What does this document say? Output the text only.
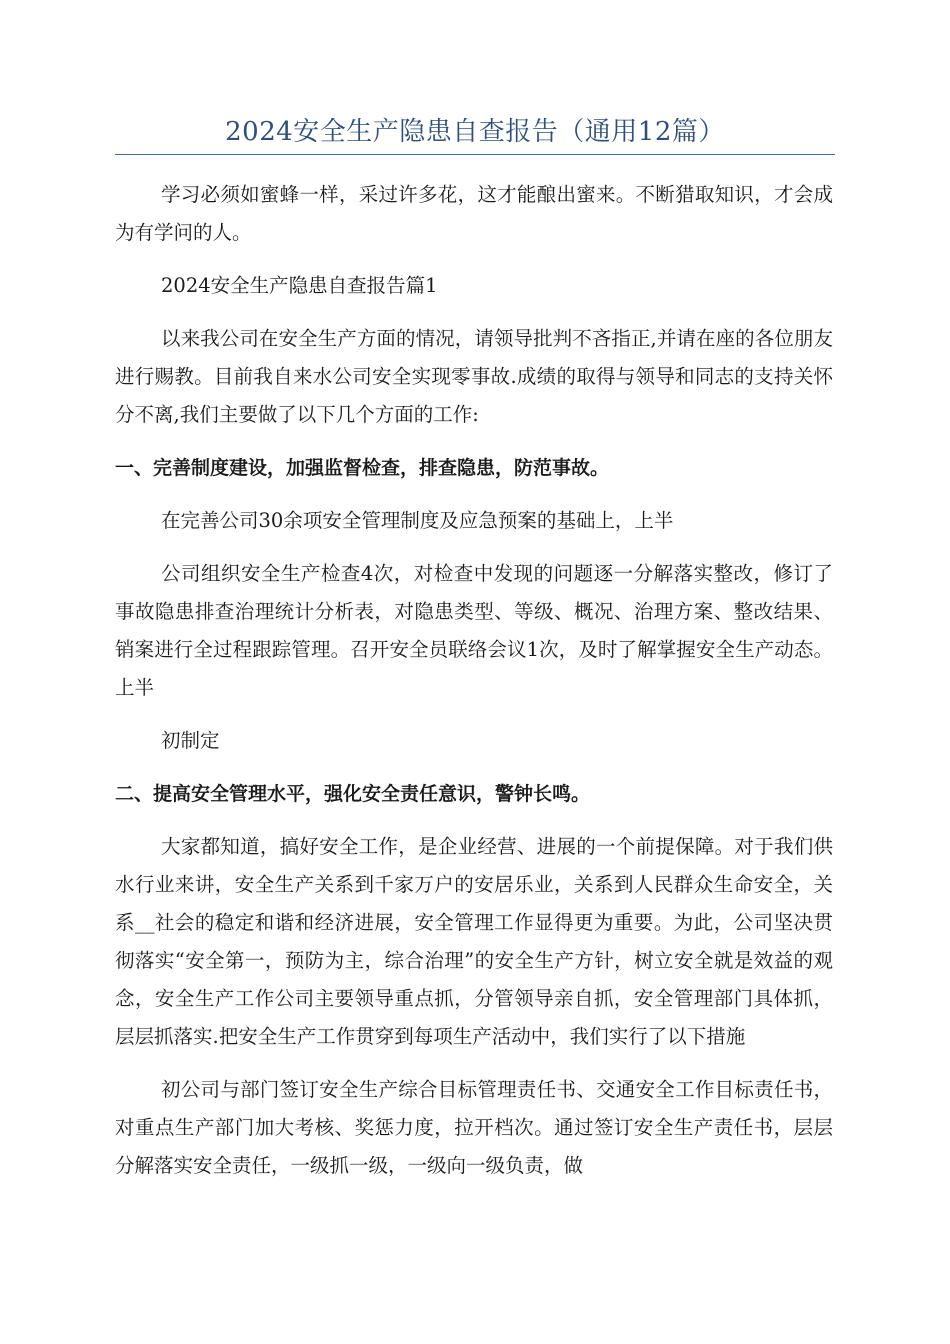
2024安全生产隐患自查报告（通用12篇）

学习必须如蜜蜂一样，采过许多花，这才能酿出蜜来。不断猎取知识，才会成为有学问的人。

2024安全生产隐患自查报告篇1

以来我公司在安全生产方面的情况，请领导批判不吝指正,并请在座的各位朋友进行赐教。目前我自来水公司安全实现零事故.成绩的取得与领导和同志的支持关怀分不离,我们主要做了以下几个方面的工作:

一、完善制度建设，加强监督检查，排查隐患，防范事故。

在完善公司30余项安全管理制度及应急预案的基础上，上半

公司组织安全生产检查4次，对检查中发现的问题逐一分解落实整改，修订了事故隐患排查治理统计分析表，对隐患类型、等级、概况、治理方案、整改结果、销案进行全过程跟踪管理。召开安全员联络会议1次，及时了解掌握安全生产动态。上半

初制定

二、提高安全管理水平，强化安全责任意识，警钟长鸣。

大家都知道，搞好安全工作，是企业经营、进展的一个前提保障。对于我们供水行业来讲，安全生产关系到千家万户的安居乐业，关系到人民群众生命安全，关系__社会的稳定和谐和经济进展，安全管理工作显得更为重要。为此，公司坚决贯彻落实“安全第一，预防为主，综合治理”的安全生产方针，树立安全就是效益的观念，安全生产工作公司主要领导重点抓，分管领导亲自抓，安全管理部门具体抓，层层抓落实.把安全生产工作贯穿到每项生产活动中，我们实行了以下措施

初公司与部门签订安全生产综合目标管理责任书、交通安全工作目标责任书，对重点生产部门加大考核、奖惩力度，拉开档次。通过签订安全生产责任书，层层分解落实安全责任，一级抓一级，一级向一级负责，做
